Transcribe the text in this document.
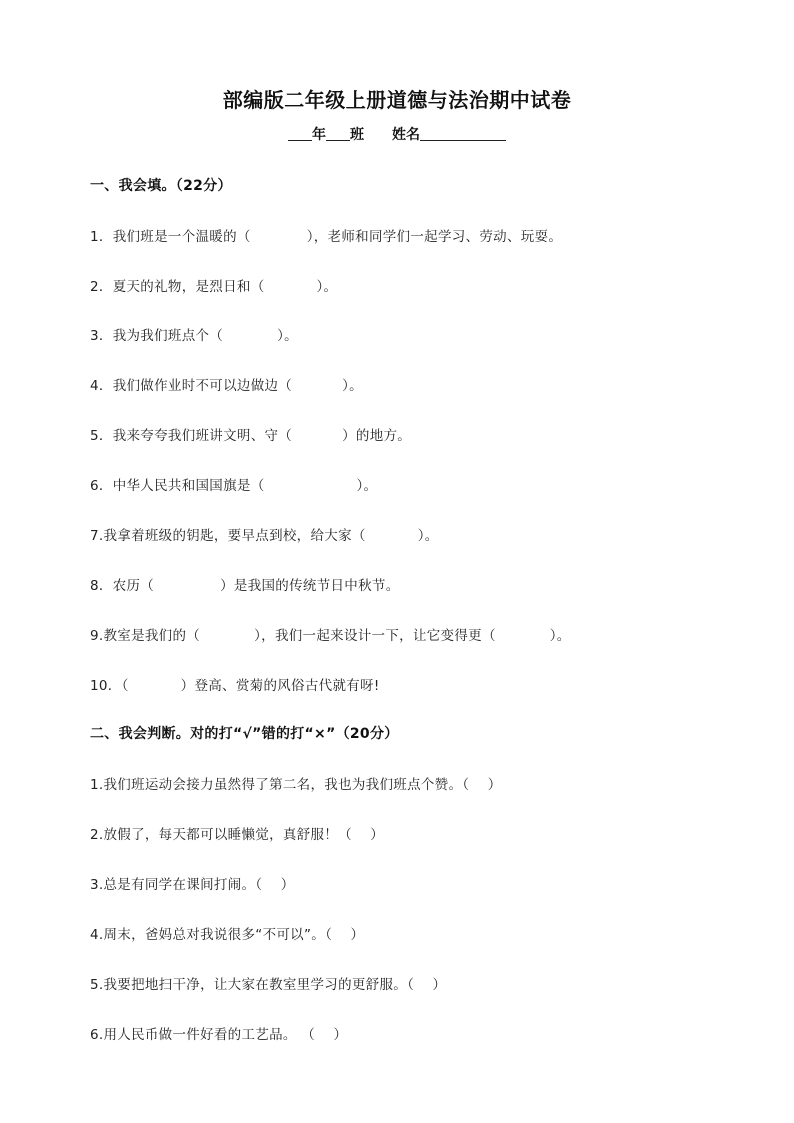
部编版二年级上册道德与法治期中试卷
年 班 姓名
一、我会填。（22分）
1．我们班是一个温暖的（	），老师和同学们一起学习、劳动、玩耍。
2．夏天的礼物，是烈日和（	）。
3．我为我们班点个（	）。
4．我们做作业时不可以边做边（	）。
5．我来夸夸我们班讲文明、守（	）的地方。
6．中华人民共和国国旗是（	）。
7.我拿着班级的钥匙，要早点到校，给大家（	）。
8．农历（	）是我国的传统节日中秋节。
9.教室是我们的（	），我们一起来设计一下，让它变得更（	）。
10．（	）登高、赏菊的风俗古代就有呀!
二、我会判断。对的打“√”错的打“×”（20分）
1.我们班运动会接力虽然得了第二名，我也为我们班点个赞。（　 ）
2.放假了，每天都可以睡懒觉，真舒服！（　 ）
3.总是有同学在课间打闹。（　 ）
4.周末，爸妈总对我说很多“不可以”。（　 ）
5.我要把地扫干净，让大家在教室里学习的更舒服。（　 ）
6.用人民币做一件好看的工艺品。 （　 ）
